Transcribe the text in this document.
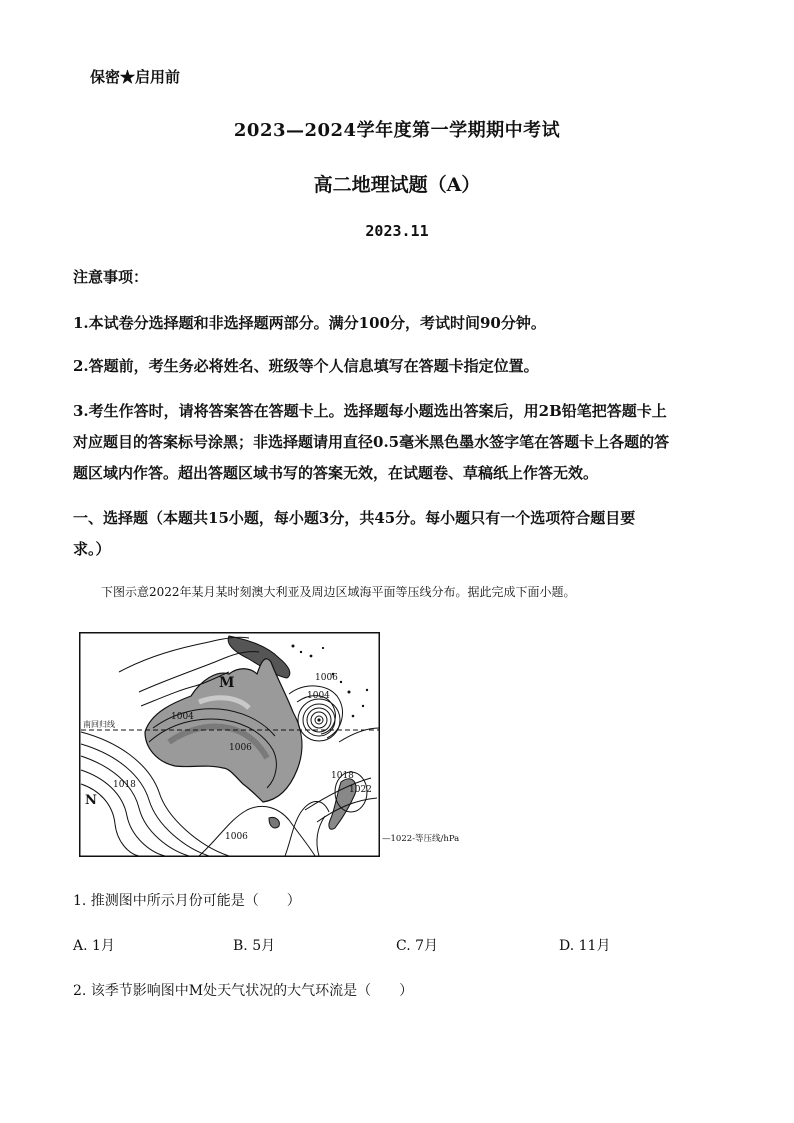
保密★启用前
2023—2024学年度第一学期期中考试
高二地理试题（A）
2023.11
注意事项：
1.本试卷分选择题和非选择题两部分。满分100分，考试时间90分钟。
2.答题前，考生务必将姓名、班级等个人信息填写在答题卡指定位置。
3.考生作答时，请将答案答在答题卡上。选择题每小题选出答案后，用2B铅笔把答题卡上
对应题目的答案标号涂黑；非选择题请用直径0.5毫米黑色墨水签字笔在答题卡上各题的答
题区域内作答。超出答题区域书写的答案无效，在试题卷、草稿纸上作答无效。
一、选择题（本题共15小题，每小题3分，共45分。每小题只有一个选项符合题目要
求。）
下图示意2022年某月某时刻澳大利亚及周边区域海平面等压线分布。据此完成下面小题。
M
N
南回归线
1004
1006
1018
1006
1004
1018
1022
1006	—1022-等压线/hPa
1. 推测图中所示月份可能是（　　）
A. 1月	B. 5月	C. 7月	D. 11月
2. 该季节影响图中M处天气状况的大气环流是（　　）
